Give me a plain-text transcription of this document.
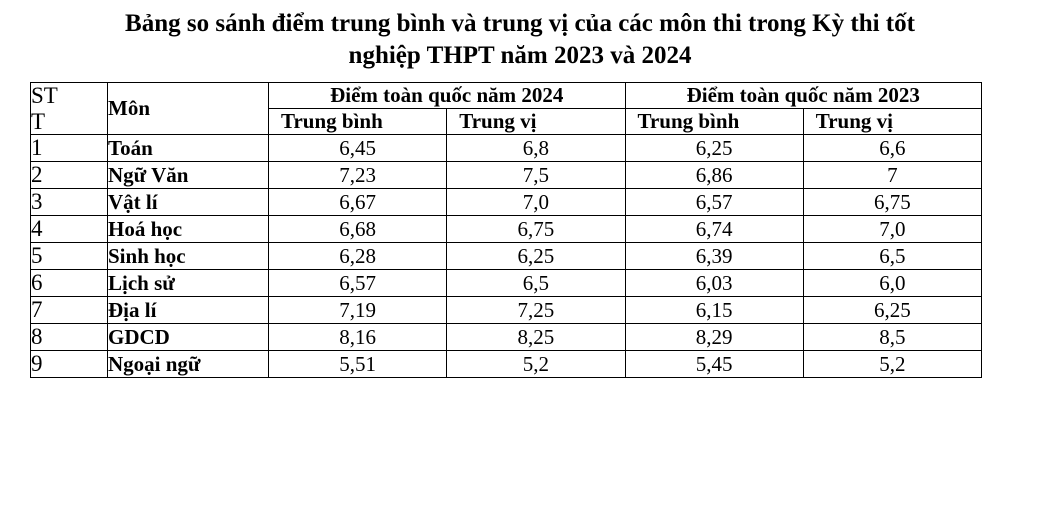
Bảng so sánh điểm trung bình và trung vị của các môn thi trong Kỳ thi tốt
nghiệp THPT năm 2023 và 2024
ST
T	Môn	Điểm toàn quốc năm 2024		Điểm toàn quốc năm 2023	
		Trung bình	Trung vị	Trung bình	Trung vị
1	Toán	6,45	6,8	6,25	6,6
2	Ngữ Văn	7,23	7,5	6,86	7
3	Vật lí	6,67	7,0	6,57	6,75
4	Hoá học	6,68	6,75	6,74	7,0
5	Sinh học	6,28	6,25	6,39	6,5
6	Lịch sử	6,57	6,5	6,03	6,0
7	Địa lí	7,19	7,25	6,15	6,25
8	GDCD	8,16	8,25	8,29	8,5
9	Ngoại ngữ	5,51	5,2	5,45	5,2
